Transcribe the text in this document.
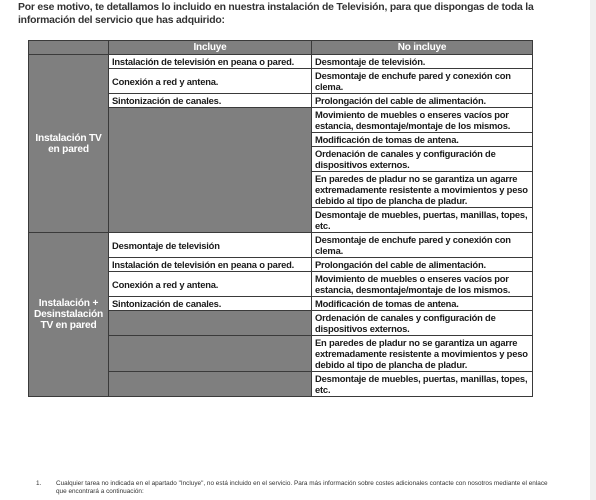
Por ese motivo, te detallamos lo incluido en nuestra instalación de Televisión, para que dispongas de toda la información del servicio que has adquirido:
	Incluye	No incluye
Instalación TV en pared	Instalación de televisión en peana o pared.	Desmontaje de televisión.
	Conexión a red y antena.	Desmontaje de enchufe pared y conexión con clema.
	Sintonización de canales.	Prolongación del cable de alimentación.
		Movimiento de muebles o enseres vacíos por estancia, desmontaje/montaje de los mismos.
		Modificación de tomas de antena.
		Ordenación de canales y configuración de dispositivos externos.
		En paredes de pladur no se garantiza un agarre extremadamente resistente a movimientos y peso debido al tipo de plancha de pladur.
		Desmontaje de muebles, puertas, manillas, topes, etc.
Instalación + Desinstalación TV en pared	Desmontaje de televisión	Desmontaje de enchufe pared y conexión con clema.
	Instalación de televisión en peana o pared.	Prolongación del cable de alimentación.
	Conexión a red y antena.	Movimiento de muebles o enseres vacíos por estancia, desmontaje/montaje de los mismos.
	Sintonización de canales.	Modificación de tomas de antena.
		Ordenación de canales y configuración de dispositivos externos.
		En paredes de pladur no se garantiza un agarre extremadamente resistente a movimientos y peso debido al tipo de plancha de pladur.
		Desmontaje de muebles, puertas, manillas, topes, etc.
1. Cualquier tarea no indicada en el apartado "Incluye", no está incluido en el servicio. Para más información sobre costes adicionales contacte con nosotros mediante el enlace que encontrará a continuación:
